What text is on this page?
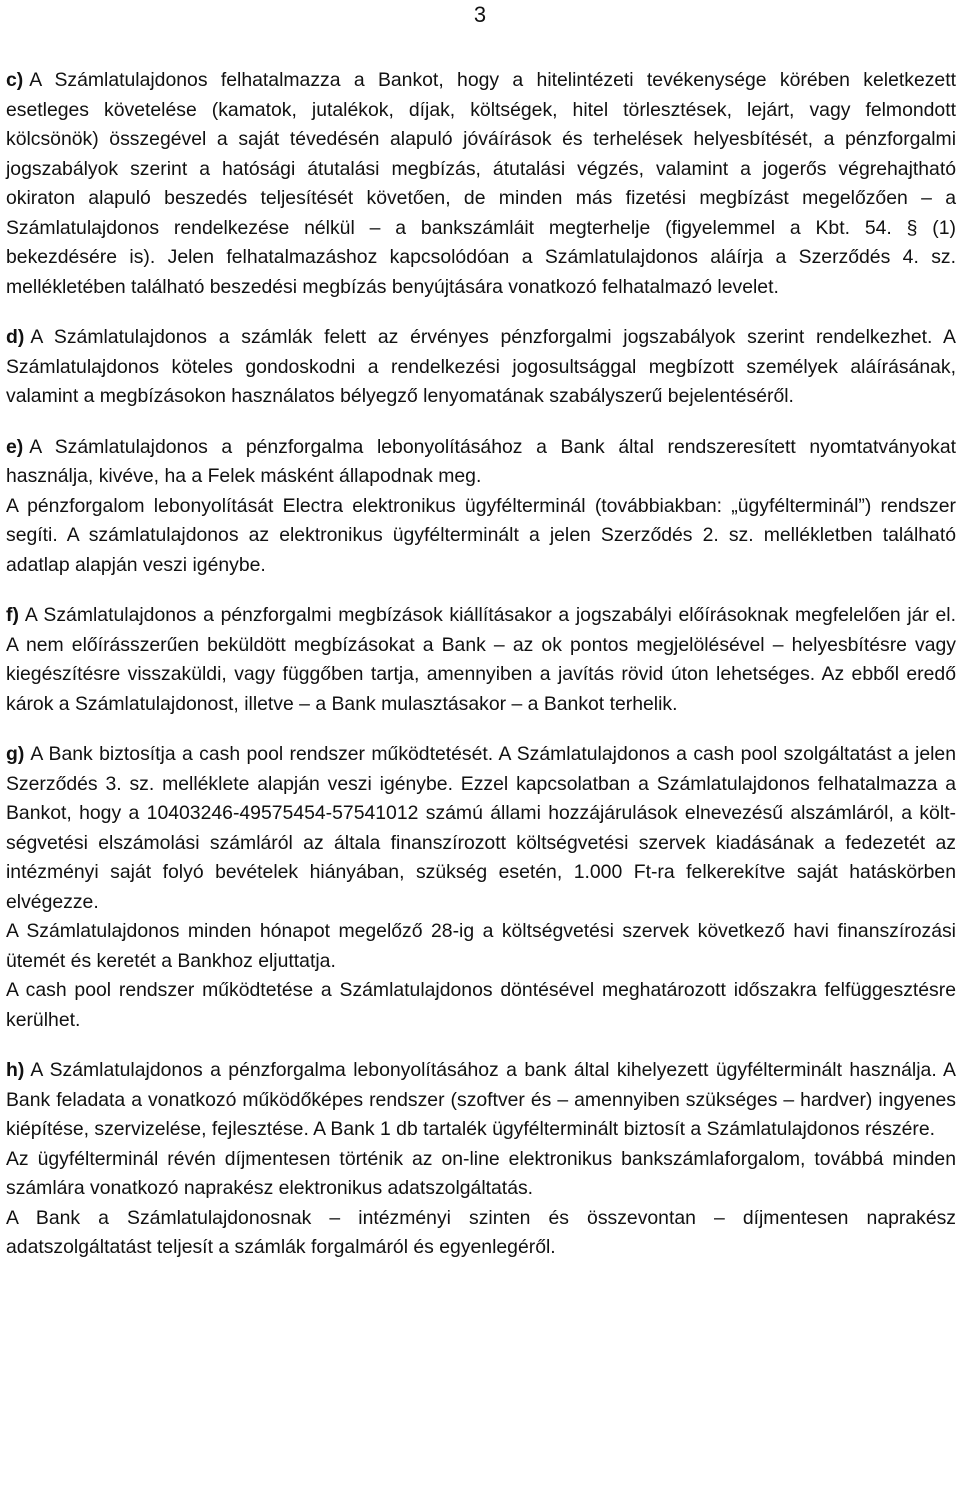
3

c) A Számlatulajdonos felhatalmazza a Bankot, hogy a hitelintézeti tevékenysége körében keletkezett esetleges követelése (kamatok, jutalékok, díjak, költségek, hitel törlesztések, lejárt, vagy felmondott kölcsönök) összegével a saját tévedésén alapuló jóváírások és terhelések helyesbítését, a pénzforgalmi jogszabályok szerint a hatósági átutalási megbízás, átutalási végzés, valamint a jogerős végrehajtható okiraton alapuló beszedés teljesítését követően, de minden más fizetési megbízást megelőzően – a Számlatulajdonos rendelkezése nélkül – a bankszámláit megterhelje (figyelemmel a Kbt. 54. § (1) bekezdésére is). Jelen felhatalmazáshoz kapcsolódóan a Számlatulajdonos aláírja a Szerződés 4. sz. mellékletében található beszedési megbízás benyújtására vonatkozó felhatalmazó levelet.

d) A Számlatulajdonos a számlák felett az érvényes pénzforgalmi jogszabályok szerint rendelkezhet. A Számlatulajdonos köteles gondoskodni a rendelkezési jogosultsággal megbízott személyek aláírásának, valamint a megbízásokon használatos bélyegző lenyomatának szabályszerű bejelentéséről.

e) A Számlatulajdonos a pénzforgalma lebonyolításához a Bank által rendszeresített nyomtatványokat használja, kivéve, ha a Felek másként állapodnak meg.

A pénzforgalom lebonyolítását Electra elektronikus ügyfélterminál (továbbiakban: „ügyfélterminál”) rendszer segíti. A számlatulajdonos az elektronikus ügyfélterminált a jelen Szerződés 2. sz. mellékletben található adatlap alapján veszi igénybe.

f) A Számlatulajdonos a pénzforgalmi megbízások kiállításakor a jogszabályi előírásoknak megfelelően jár el. A nem előírásszerűen beküldött megbízásokat a Bank – az ok pontos megjelölésével – helyesbítésre vagy kiegészítésre visszaküldi, vagy függőben tartja, amennyiben a javítás rövid úton lehetséges. Az ebből eredő károk a Számlatulajdonost, illetve – a Bank mulasztásakor – a Bankot terhelik.

g) A Bank biztosítja a cash pool rendszer működtetését. A Számlatulajdonos a cash pool szolgáltatást a jelen Szerződés 3. sz. melléklete alapján veszi igénybe. Ezzel kapcsolatban a Számlatulajdonos felhatalmazza a Bankot, hogy a 10403246-49575454-57541012 számú állami hozzájárulások elnevezésű alszámláról, a költségvetési elszámolási számláról az általa finanszírozott költségvetési szervek kiadásának a fedezetét az intézményi saját folyó bevételek hiányában, szükség esetén, 1.000 Ft-ra felkerekítve saját hatáskörben elvégezze.

A Számlatulajdonos minden hónapot megelőző 28-ig a költségvetési szervek következő havi finanszírozási ütemét és keretét a Bankhoz eljuttatja.

A cash pool rendszer működtetése a Számlatulajdonos döntésével meghatározott időszakra felfüggesztésre kerülhet.

h) A Számlatulajdonos a pénzforgalma lebonyolításához a bank által kihelyezett ügyfélterminált használja. A Bank feladata a vonatkozó működőképes rendszer (szoftver és – amennyiben szükséges – hardver) ingyenes kiépítése, szervizelése, fejlesztése. A Bank 1 db tartalék ügyfélterminált biztosít a Számlatulajdonos részére.

Az ügyfélterminál révén díjmentesen történik az on-line elektronikus bankszámlaforgalom, továbbá minden számlára vonatkozó naprakész elektronikus adatszolgáltatás.

A Bank a Számlatulajdonosnak – intézményi szinten és összevontan – díjmentesen naprakész adatszolgáltatást teljesít a számlák forgalmáról és egyenlegéről.
